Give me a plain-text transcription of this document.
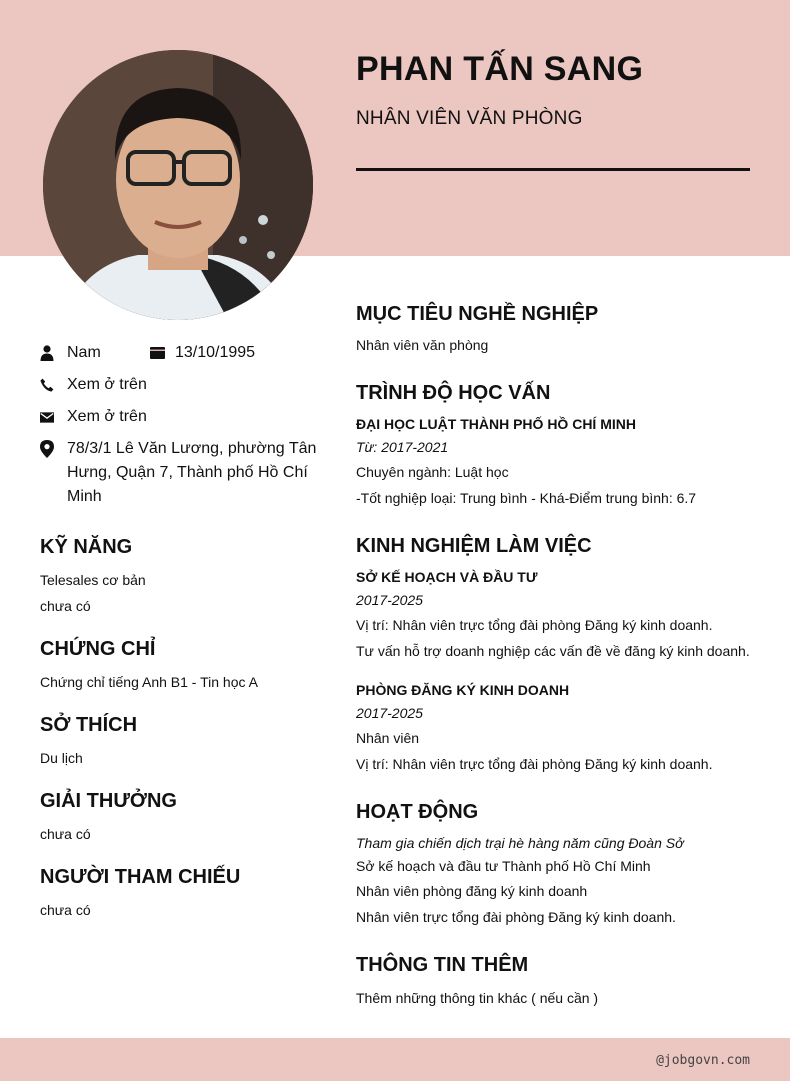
PHAN TẤN SANG
NHÂN VIÊN VĂN PHÒNG
Nam	13/10/1995
Xem ở trên
Xem ở trên
78/3/1 Lê Văn Lương, phường Tân
Hưng, Quận 7, Thành phố Hồ Chí
Minh
KỸ NĂNG
Telesales cơ bản
chưa có
CHỨNG CHỈ
Chứng chỉ tiếng Anh B1 - Tin học A
SỞ THÍCH
Du lịch
GIẢI THƯỞNG
chưa có
NGƯỜI THAM CHIẾU
chưa có
MỤC TIÊU NGHỀ NGHIỆP
Nhân viên văn phòng
TRÌNH ĐỘ HỌC VẤN
ĐẠI HỌC LUẬT THÀNH PHỐ HỒ CHÍ MINH
Từ: 2017-2021
Chuyên ngành: Luật học
-Tốt nghiệp loại: Trung bình - Khá-Điểm trung bình: 6.7
KINH NGHIỆM LÀM VIỆC
SỞ KẾ HOẠCH VÀ ĐẦU TƯ
2017-2025
Vị trí: Nhân viên trực tổng đài phòng Đăng ký kinh doanh.
Tư vấn hỗ trợ doanh nghiệp các vấn đề về đăng ký kinh doanh.
PHÒNG ĐĂNG KÝ KINH DOANH
2017-2025
Nhân viên
Vị trí: Nhân viên trực tổng đài phòng Đăng ký kinh doanh.
HOẠT ĐỘNG
Tham gia chiến dịch trại hè hàng năm cũng Đoàn Sở
Sở kế hoạch và đầu tư Thành phố Hồ Chí Minh
Nhân viên phòng đăng ký kinh doanh
Nhân viên trực tổng đài phòng Đăng ký kinh doanh.
THÔNG TIN THÊM
Thêm những thông tin khác ( nếu cần )
@jobgovn.com
